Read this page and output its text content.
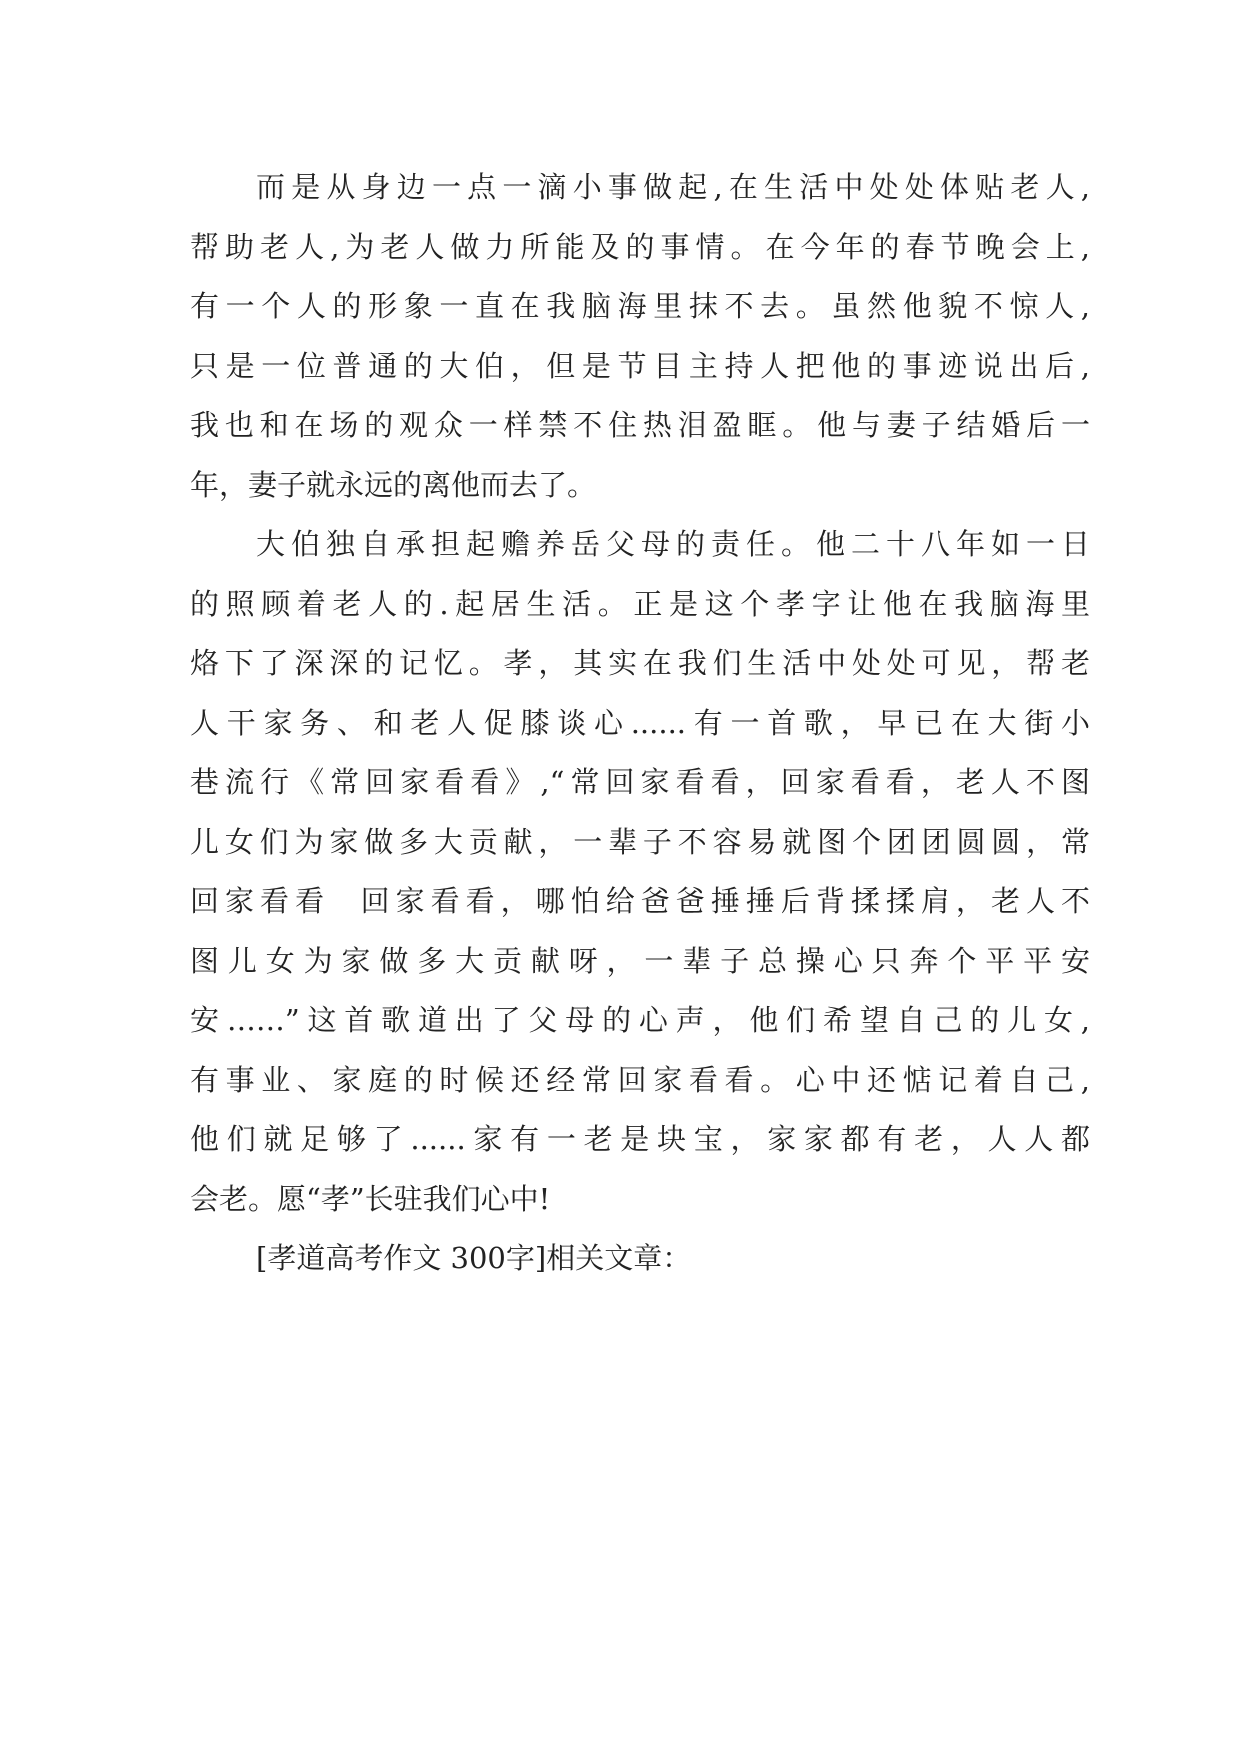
而是从身边一点一滴小事做起,在生活中处处体贴老人,
帮助老人,为老人做力所能及的事情。在今年的春节晚会上,
有一个人的形象一直在我脑海里抹不去。虽然他貌不惊人,
只是一位普通的大伯，但是节目主持人把他的事迹说出后,
我也和在场的观众一样禁不住热泪盈眶。他与妻子结婚后一
年，妻子就永远的离他而去了。
大伯独自承担起赡养岳父母的责任。他二十八年如一日
的照顾着老人的.起居生活。正是这个孝字让他在我脑海里
烙下了深深的记忆。孝，其实在我们生活中处处可见，帮老
人干家务、和老人促膝谈心......有一首歌，早已在大街小
巷流行《常回家看看》,“常回家看看，回家看看，老人不图
儿女们为家做多大贡献，一辈子不容易就图个团团圆圆，常
回家看看  回家看看，哪怕给爸爸捶捶后背揉揉肩，老人不
图儿女为家做多大贡献呀，一辈子总操心只奔个平平安
安……”这首歌道出了父母的心声，他们希望自己的儿女,
有事业、家庭的时候还经常回家看看。心中还惦记着自己,
他们就足够了......家有一老是块宝，家家都有老，人人都
会老。愿“孝”长驻我们心中!
[孝道高考作文 300字]相关文章：
